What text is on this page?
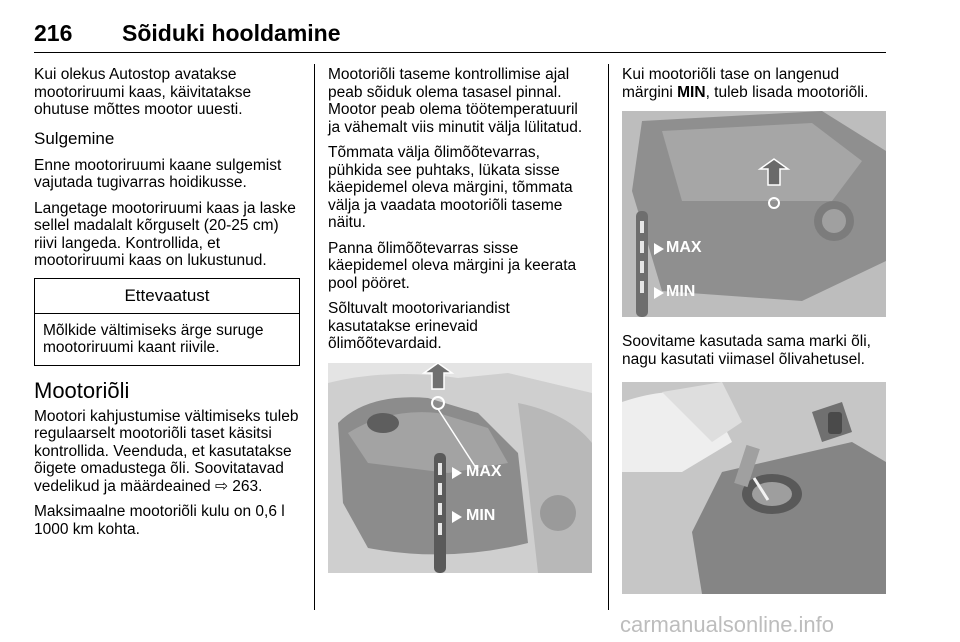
216 Sõiduki hooldamine

Kui olekus Autostop avatakse mootoriruumi kaas, käivitatakse ohutuse mõttes mootor uuesti.

Sulgemine

Enne mootoriruumi kaane sulgemist vajutada tugivarras hoidikusse.

Langetage mootoriruumi kaas ja laske sellel madalalt kõrguselt (20-25 cm) riivi langeda. Kontrollida, et mootoriruumi kaas on lukustunud.

Ettevaatust
Mõlkide vältimiseks ärge suruge mootoriruumi kaant riivile.
Mootoriõli

Mootori kahjustumise vältimiseks tuleb regulaarselt mootoriõli taset käsitsi kontrollida. Veenduda, et kasutatakse õigete omadustega õli. Soovitatavad vedelikud ja määrdeained ⇨ 263.

Maksimaalne mootoriõli kulu on 0,6 l 1000 km kohta.

Mootoriõli taseme kontrollimise ajal peab sõiduk olema tasasel pinnal. Mootor peab olema töötemperatuuril ja vähemalt viis minutit välja lülitatud.

Tõmmata välja õlimõõtevarras, pühkida see puhtaks, lükata sisse käepidemel oleva märgini, tõmmata välja ja vaadata mootoriõli taseme näitu.

Panna õlimõõtevarras sisse käepidemel oleva märgini ja keerata pool pööret.

Sõltuvalt mootorivariandist kasutatakse erinevaid õlimõõtevardaid.

MAX
MIN

Kui mootoriõli tase on langenud märgini MIN, tuleb lisada mootoriõli.

MAX
MIN

Soovitame kasutada sama marki õli, nagu kasutati viimasel õlivahetusel.

carmanualsonline.info
